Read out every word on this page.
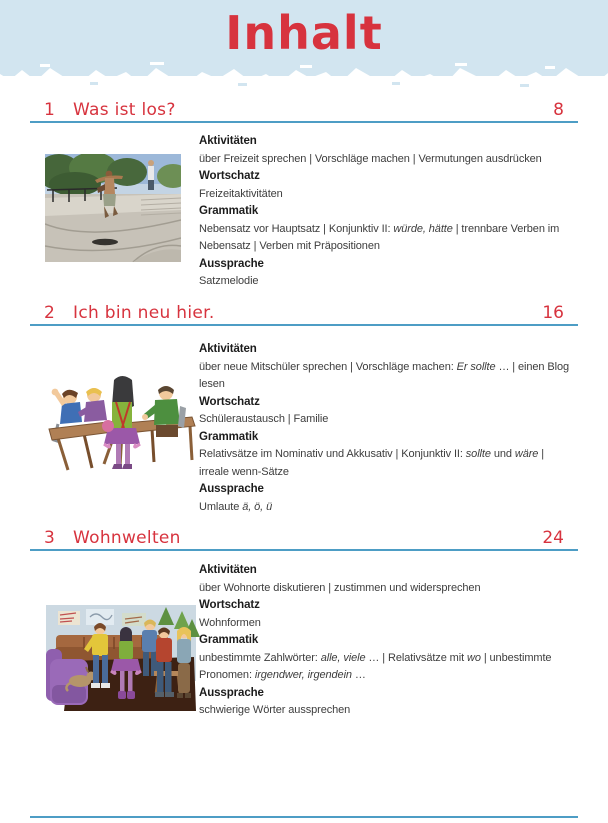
Inhalt
1 Was ist los?	8
Aktivitäten
über Freizeit sprechen | Vorschläge machen | Vermutungen ausdrücken
Wortschatz
Freizeitaktivitäten
Grammatik
Nebensatz vor Hauptsatz | Konjunktiv II: würde, hätte | trennbare Verben im Nebensatz | Verben mit Präpositionen
Aussprache
Satzmelodie
2 Ich bin neu hier.	16
Aktivitäten
über neue Mitschüler sprechen | Vorschläge machen: Er sollte … | einen Blog lesen
Wortschatz
Schüleraustausch | Familie
Grammatik
Relativsätze im Nominativ und Akkusativ | Konjunktiv II: sollte und wäre | irreale wenn-Sätze
Aussprache
Umlaute ä, ö, ü
3 Wohnwelten	24
Aktivitäten
über Wohnorte diskutieren | zustimmen und widersprechen
Wortschatz
Wohnformen
Grammatik
unbestimmte Zahlwörter: alle, viele … | Relativsätze mit wo | unbestimmte Pronomen: irgendwer, irgendein …
Aussprache
schwierige Wörter aussprechen
